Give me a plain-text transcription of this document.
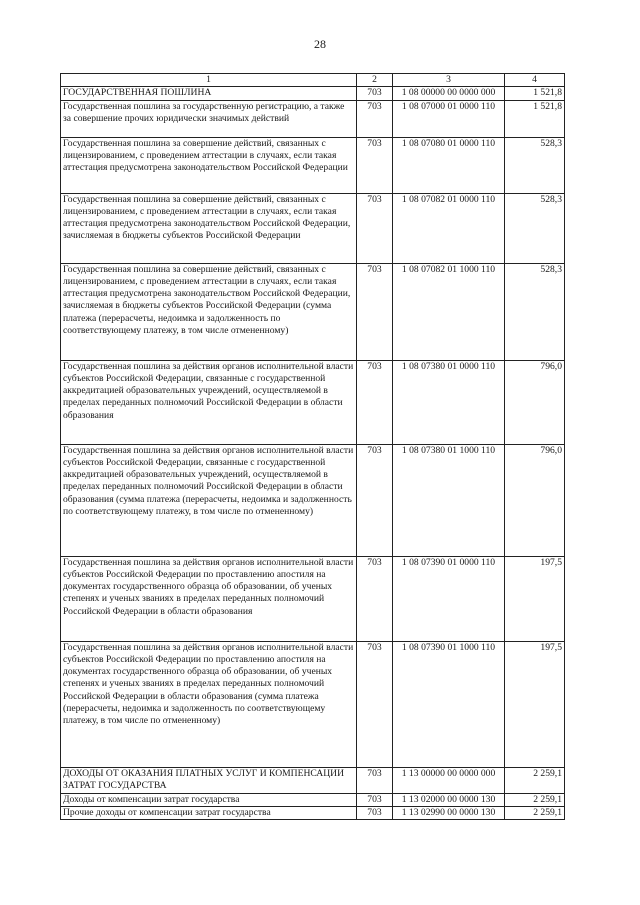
28
1	2	3	4
ГОСУДАРСТВЕННАЯ ПОШЛИНА	703	1 08 00000 00 0000 000	1 521,8
Государственная пошлина за государственную регистрацию, а также за совершение прочих юридически значимых действий	703	1 08 07000 01 0000 110	1 521,8
Государственная пошлина за совершение действий, связанных с лицензированием, с проведением аттестации в случаях, если такая аттестация предусмотрена законодательством Российской Федерации	703	1 08 07080 01 0000 110	528,3
Государственная пошлина за совершение действий, связанных с лицензированием, с проведением аттестации в случаях, если такая аттестация предусмотрена законодательством Российской Федерации, зачисляемая в бюджеты субъектов Российской Федерации	703	1 08 07082 01 0000 110	528,3
Государственная пошлина за совершение действий, связанных с лицензированием, с проведением аттестации в случаях, если такая аттестация предусмотрена законодательством Российской Федерации, зачисляемая в бюджеты субъектов Российской Федерации (сумма платежа (перерасчеты, недоимка и задолженность по соответствующему платежу, в том числе отмененному)	703	1 08 07082 01 1000 110	528,3
Государственная пошлина за действия органов исполнительной власти субъектов Российской Федерации, связанные с государственной аккредитацией образовательных учреждений, осуществляемой в пределах переданных полномочий Российской Федерации в области образования	703	1 08 07380 01 0000 110	796,0
Государственная пошлина за действия органов исполнительной власти субъектов Российской Федерации, связанные с государственной аккредитацией образовательных учреждений, осуществляемой в пределах переданных полномочий Российской Федерации в области образования (сумма платежа (перерасчеты, недоимка и задолженность по соответствующему платежу, в том числе по отмененному)	703	1 08 07380 01 1000 110	796,0
Государственная пошлина за действия органов исполнительной власти субъектов Российской Федерации по проставлению апостиля на документах государственного образца об образовании, об ученых степенях и ученых званиях в пределах переданных полномочий Российской Федерации в области образования	703	1 08 07390 01 0000 110	197,5
Государственная пошлина за действия органов исполнительной власти субъектов Российской Федерации по проставлению апостиля на документах государственного образца об образовании, об ученых степенях и ученых званиях в пределах переданных полномочий Российской Федерации в области образования (сумма платежа (перерасчеты, недоимка и задолженность по соответствующему платежу, в том числе по отмененному)	703	1 08 07390 01 1000 110	197,5
ДОХОДЫ ОТ ОКАЗАНИЯ ПЛАТНЫХ УСЛУГ И КОМПЕНСАЦИИ ЗАТРАТ ГОСУДАРСТВА	703	1 13 00000 00 0000 000	2 259,1
Доходы от компенсации затрат государства	703	1 13 02000 00 0000 130	2 259,1
Прочие доходы от компенсации затрат государства	703	1 13 02990 00 0000 130	2 259,1
